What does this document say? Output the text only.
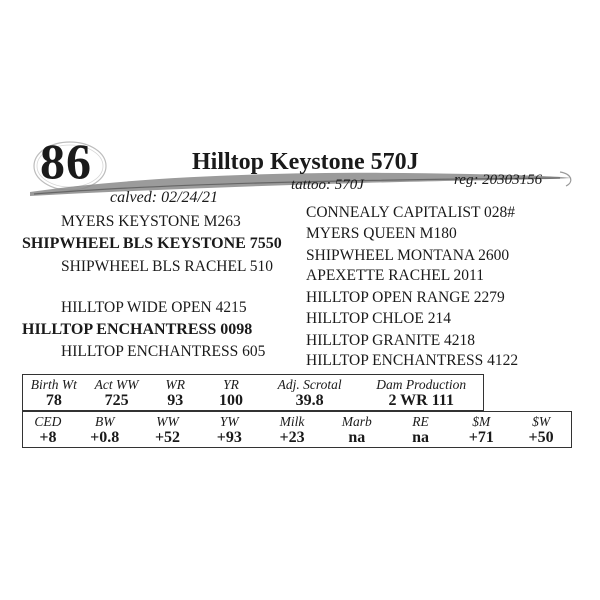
86	Hilltop Keystone 570J
reg: 20303156
tattoo: 570J
calved: 02/24/21
MYERS KEYSTONE M263
SHIPWHEEL BLS KEYSTONE 7550
SHIPWHEEL BLS RACHEL 510
CONNEALY CAPITALIST 028#
MYERS QUEEN M180
SHIPWHEEL MONTANA 2600
APEXETTE RACHEL 2011
HILLTOP WIDE OPEN 4215
HILLTOP ENCHANTRESS 0098
HILLTOP ENCHANTRESS 605
HILLTOP OPEN RANGE 2279
HILLTOP CHLOE 214
HILLTOP GRANITE 4218
HILLTOP ENCHANTRESS 4122
Birth Wt	Act WW	WR	YR	Adj. Scrotal	Dam Production
78	725	93	100	39.8	2 WR 111
CED	BW	WW	YW	Milk	Marb	RE	$M	$W
+8	+0.8	+52	+93	+23	na	na	+71	+50
